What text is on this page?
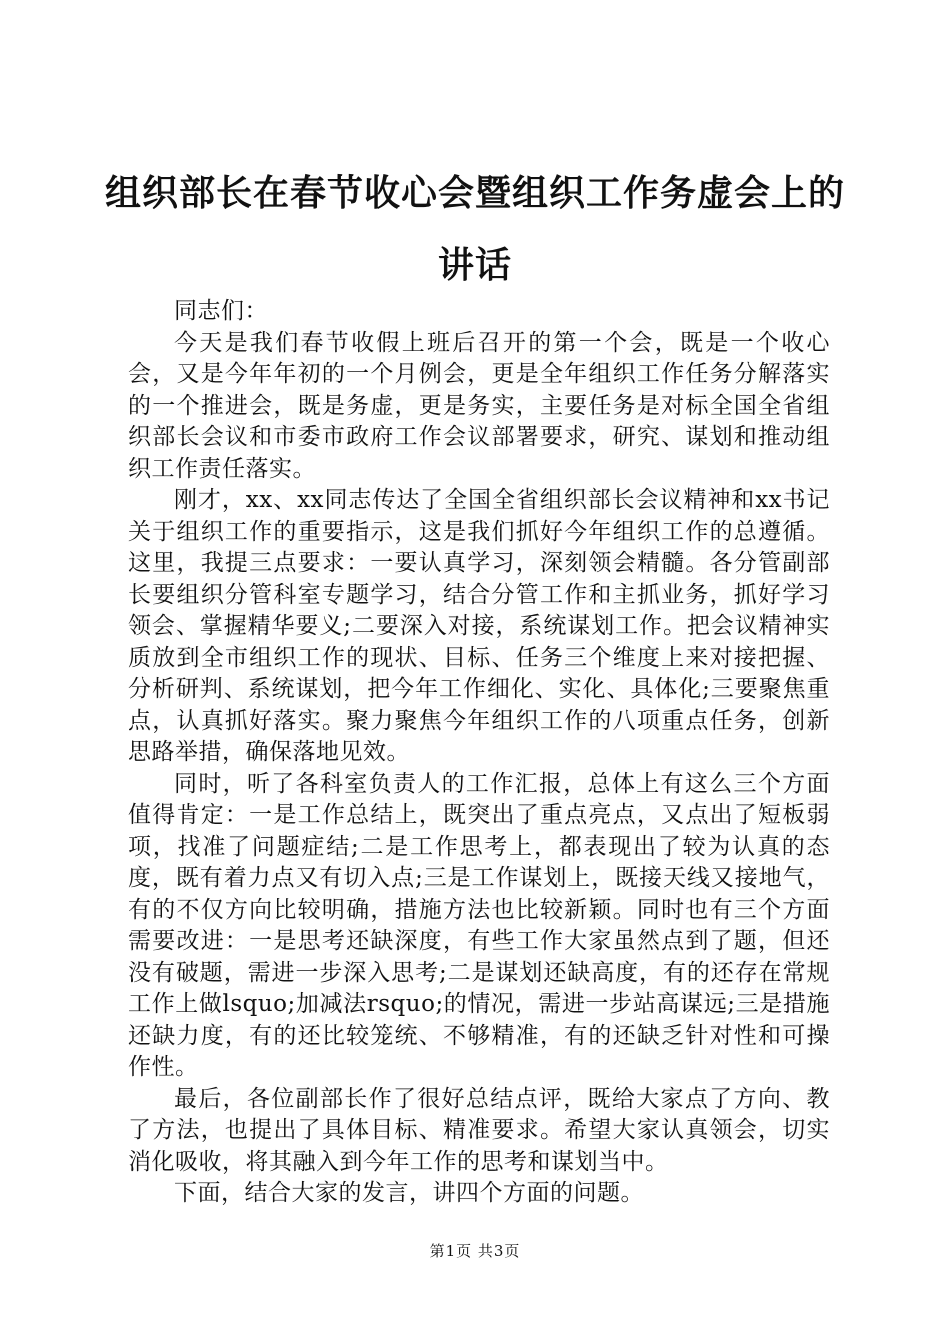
组织部长在春节收心会暨组织工作务虚会上的
讲话

同志们：

今天是我们春节收假上班后召开的第一个会，既是一个收心会，又是今年年初的一个月例会，更是全年组织工作任务分解落实的一个推进会，既是务虚，更是务实，主要任务是对标全国全省组织部长会议和市委市政府工作会议部署要求，研究、谋划和推动组织工作责任落实。

刚才，xx、xx同志传达了全国全省组织部长会议精神和xx书记关于组织工作的重要指示，这是我们抓好今年组织工作的总遵循。这里，我提三点要求：一要认真学习，深刻领会精髓。各分管副部长要组织分管科室专题学习，结合分管工作和主抓业务，抓好学习领会、掌握精华要义;二要深入对接，系统谋划工作。把会议精神实质放到全市组织工作的现状、目标、任务三个维度上来对接把握、分析研判、系统谋划，把今年工作细化、实化、具体化;三要聚焦重点，认真抓好落实。聚力聚焦今年组织工作的八项重点任务，创新思路举措，确保落地见效。

同时，听了各科室负责人的工作汇报，总体上有这么三个方面值得肯定：一是工作总结上，既突出了重点亮点，又点出了短板弱项，找准了问题症结;二是工作思考上，都表现出了较为认真的态度，既有着力点又有切入点;三是工作谋划上，既接天线又接地气，有的不仅方向比较明确，措施方法也比较新颖。同时也有三个方面需要改进：一是思考还缺深度，有些工作大家虽然点到了题，但还没有破题，需进一步深入思考;二是谋划还缺高度，有的还存在常规工作上做lsquo;加减法rsquo;的情况，需进一步站高谋远;三是措施还缺力度，有的还比较笼统、不够精准，有的还缺乏针对性和可操作性。

最后，各位副部长作了很好总结点评，既给大家点了方向、教了方法，也提出了具体目标、精准要求。希望大家认真领会，切实消化吸收，将其融入到今年工作的思考和谋划当中。

下面，结合大家的发言，讲四个方面的问题。

第1页 共3页
